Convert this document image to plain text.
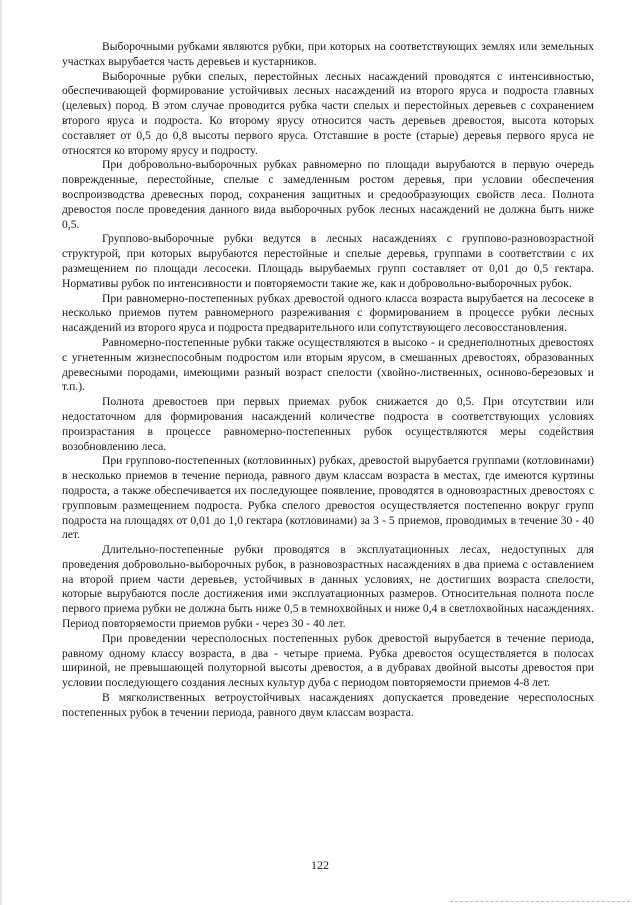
Выборочными рубками являются рубки, при которых на соответствующих землях или земельных участках вырубается часть деревьев и кустарников.

Выборочные рубки спелых, перестойных лесных насаждений проводятся с интенсивностью, обеспечивающей формирование устойчивых лесных насаждений из второго яруса и подроста главных (целевых) пород. В этом случае проводится рубка части спелых и перестойных деревьев с сохранением второго яруса и подроста. Ко второму ярусу относится часть деревьев древостоя, высота которых составляет от 0,5 до 0,8 высоты первого яруса. Отставшие в росте (старые) деревья первого яруса не относятся ко второму ярусу и подросту.

При добровольно-выборочных рубках равномерно по площади вырубаются в первую очередь поврежденные, перестойные, спелые с замедленным ростом деревья, при условии обеспечения воспроизводства древесных пород, сохранения защитных и средообразующих свойств леса. Полнота древостоя после проведения данного вида выборочных рубок лесных насаждений не должна быть ниже 0,5.

Группово-выборочные рубки ведутся в лесных насаждениях с группово-разновозрастной структурой, при которых вырубаются перестойные и спелые деревья, группами в соответствии с их размещением по площади лесосеки. Площадь вырубаемых групп составляет от 0,01 до 0,5 гектара. Нормативы рубок по интенсивности и повторяемости такие же, как и добровольно-выборочных рубок.

При равномерно-постепенных рубках древостой одного класса возраста вырубается на лесосеке в несколько приемов путем равномерного разреживания с формированием в процессе рубки лесных насаждений из второго яруса и подроста предварительного или сопутствующего лесовосстановления.

Равномерно-постепенные рубки также осуществляются в высоко - и среднеполнотных древостоях с угнетенным жизнеспособным подростом или вторым ярусом, в смешанных древостоях, образованных древесными породами, имеющими разный возраст спелости (хвойно-лиственных, осиново-березовых и т.п.).

Полнота древостоев при первых приемах рубок снижается до 0,5. При отсутствии или недостаточном для формирования насаждений количестве подроста в соответствующих условиях произрастания в процессе равномерно-постепенных рубок осуществляются меры содействия возобновлению леса.

При группово-постепенных (котловинных) рубках, древостой вырубается группами (котловинами) в несколько приемов в течение периода, равного двум классам возраста в местах, где имеются куртины подроста, а также обеспечивается их последующее появление, проводятся в одновозрастных древостоях с групповым размещением подроста. Рубка спелого древостоя осуществляется постепенно вокруг групп подроста на площадях от 0,01 до 1,0 гектара (котловинами) за 3 - 5 приемов, проводимых в течение 30 - 40 лет.

Длительно-постепенные рубки проводятся в эксплуатационных лесах, недоступных для проведения добровольно-выборочных рубок, в разновозрастных насаждениях в два приема с оставлением на второй прием части деревьев, устойчивых в данных условиях, не достигших возраста спелости, которые вырубаются после достижения ими эксплуатационных размеров. Относительная полнота после первого приема рубки не должна быть ниже 0,5 в темнохвойных и ниже 0,4 в светлохвойных насаждениях. Период повторяемости приемов рубки - через 30 - 40 лет.

При проведении чересполосных постепенных рубок древостой вырубается в течение периода, равному одному классу возраста, в два - четыре приема. Рубка древостоя осуществляется в полосах шириной, не превышающей полуторной высоты древостоя, а в дубравах двойной высоты древостоя при условии последующего создания лесных культур дуба с периодом повторяемости приемов 4-8 лет.

В мягколиственных ветроустойчивых насаждениях допускается проведение чересполосных постепенных рубок в течении периода, равного двум классам возраста.

122
